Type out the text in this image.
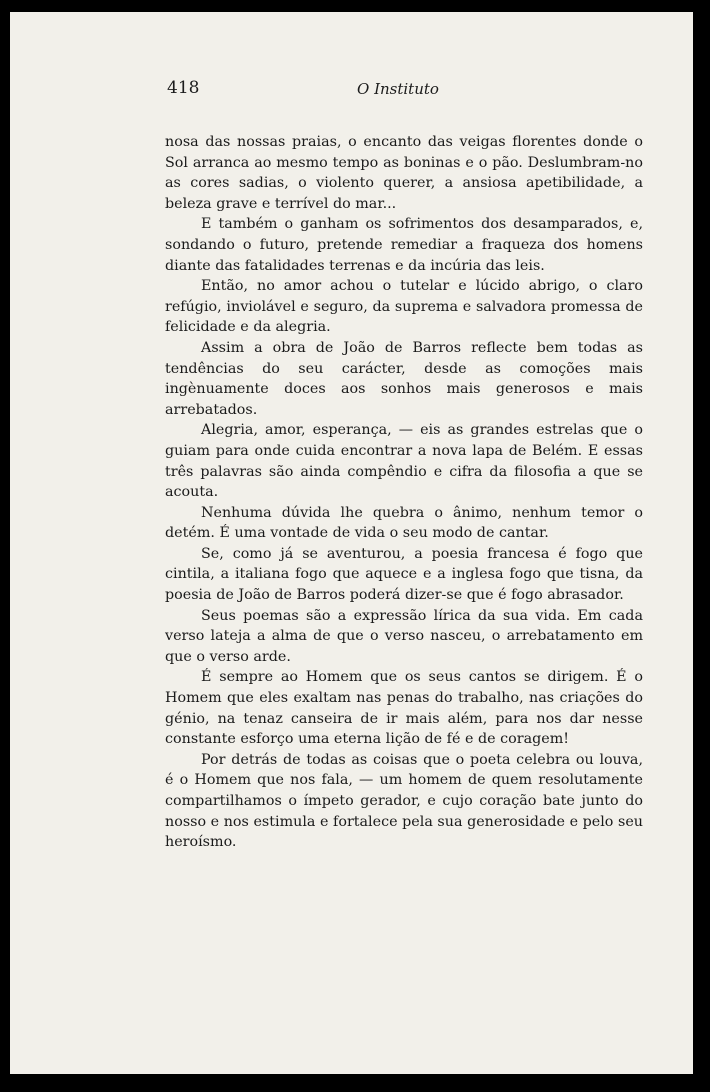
418	O Instituto

nosa das nossas praias, o encanto das veigas florentes donde o Sol arranca ao mesmo tempo as boninas e o pão. Deslumbram-no as cores sadias, o violento querer, a ansiosa apetibilidade, a beleza grave e terrível do mar...

E também o ganham os sofrimentos dos desamparados, e, sondando o futuro, pretende remediar a fraqueza dos homens diante das fatalidades terrenas e da incúria das leis.

Então, no amor achou o tutelar e lúcido abrigo, o claro refúgio, inviolável e seguro, da suprema e salvadora promessa de felicidade e da alegria.

Assim a obra de João de Barros reflecte bem todas as tendências do seu carácter, desde as comoções mais ingènuamente doces aos sonhos mais generosos e mais arrebatados.

Alegria, amor, esperança, — eis as grandes estrelas que o guiam para onde cuida encontrar a nova lapa de Belém. E essas três palavras são ainda compêndio e cifra da filosofia a que se acouta.

Nenhuma dúvida lhe quebra o ânimo, nenhum temor o detém. É uma vontade de vida o seu modo de cantar.

Se, como já se aventurou, a poesia francesa é fogo que cintila, a italiana fogo que aquece e a inglesa fogo que tisna, da poesia de João de Barros poderá dizer-se que é fogo abrasador.

Seus poemas são a expressão lírica da sua vida. Em cada verso lateja a alma de que o verso nasceu, o arrebatamento em que o verso arde.

É sempre ao Homem que os seus cantos se dirigem. É o Homem que eles exaltam nas penas do trabalho, nas criações do génio, na tenaz canseira de ir mais além, para nos dar nesse constante esforço uma eterna lição de fé e de coragem!

Por detrás de todas as coisas que o poeta celebra ou louva, é o Homem que nos fala, — um homem de quem resolutamente compartilhamos o ímpeto gerador, e cujo coração bate junto do nosso e nos estimula e fortalece pela sua generosidade e pelo seu heroísmo.
